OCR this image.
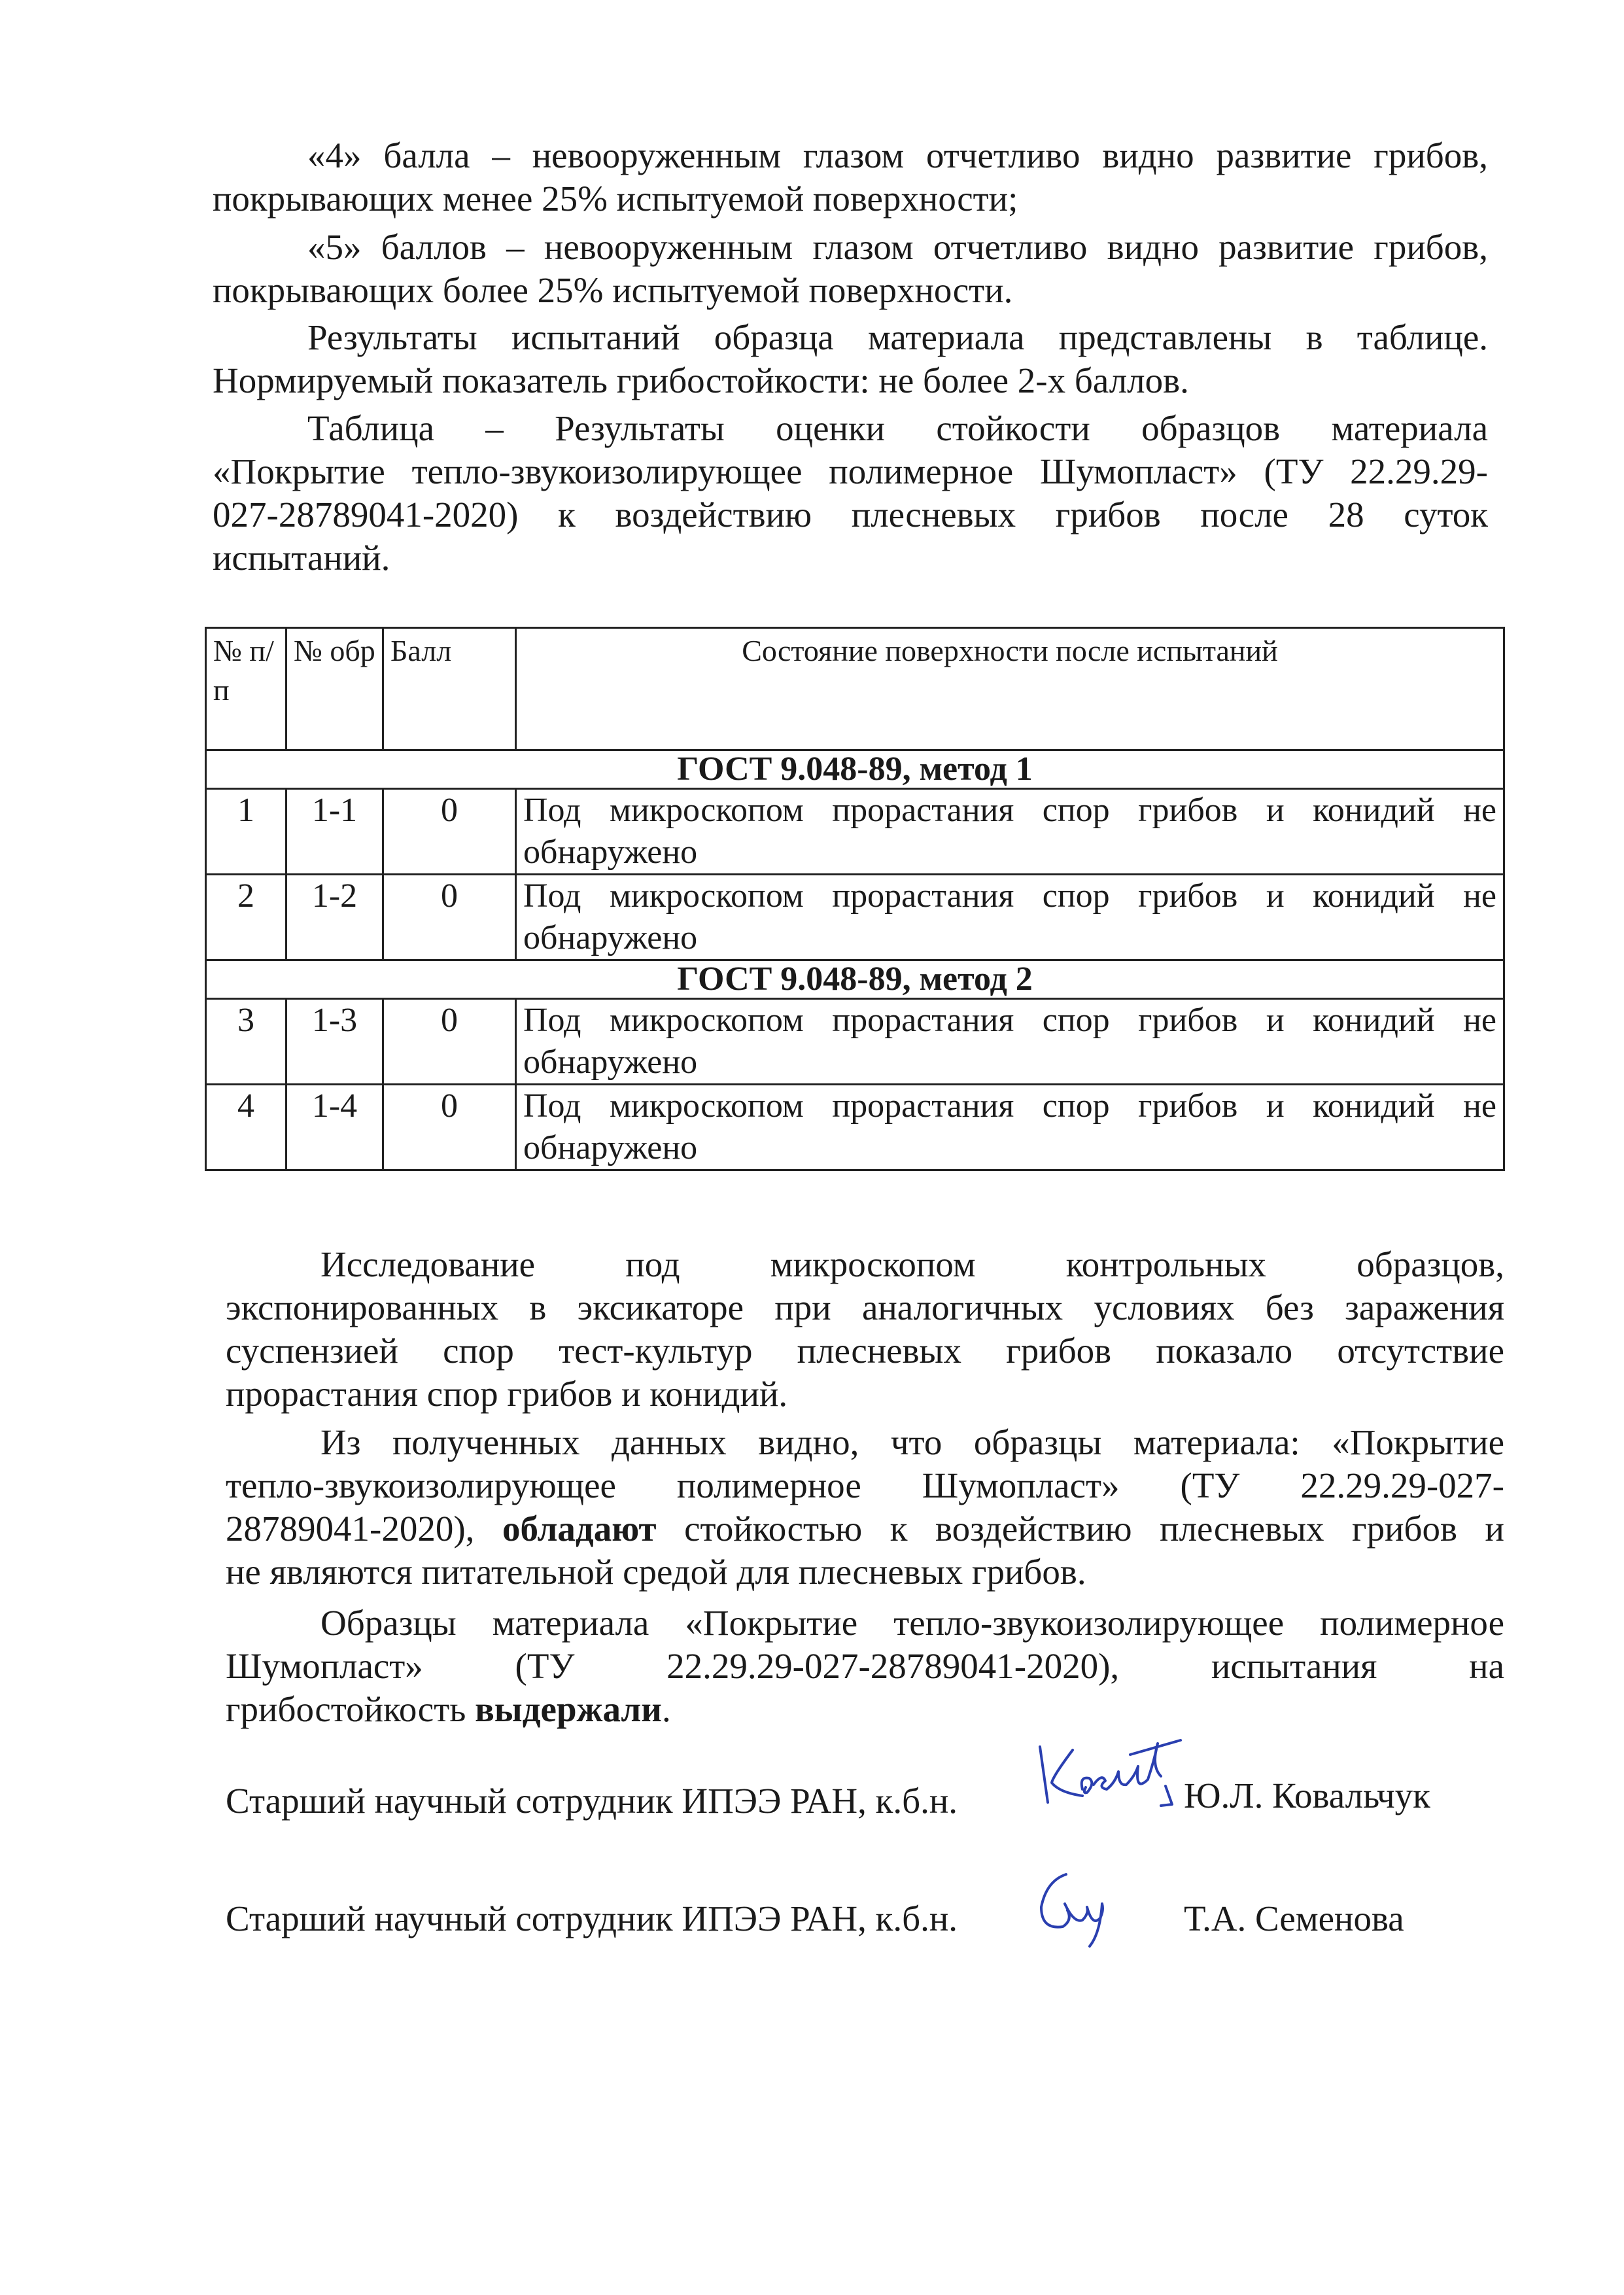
«4» балла – невооруженным глазом отчетливо видно развитие грибов,
покрывающих менее 25% испытуемой поверхности;
«5» баллов – невооруженным глазом отчетливо видно развитие грибов,
покрывающих более 25% испытуемой поверхности.
Результаты испытаний образца материала представлены в таблице.
Нормируемый показатель грибостойкости: не более 2-х баллов.
Таблица – Результаты оценки стойкости образцов материала
«Покрытие тепло-звукоизолирующее полимерное Шумопласт» (ТУ 22.29.29-
027-28789041-2020) к воздействию плесневых грибов после 28 суток
испытаний.
№ п/ п	№ обр	Балл	Состояние поверхности после испытаний
ГОСТ 9.048-89, метод 1			
1	1-1	0	Под микроскопом прорастания спор грибов и конидий не обнаружено
2	1-2	0	Под микроскопом прорастания спор грибов и конидий не обнаружено
ГОСТ 9.048-89, метод 2			
3	1-3	0	Под микроскопом прорастания спор грибов и конидий не обнаружено
4	1-4	0	Под микроскопом прорастания спор грибов и конидий не обнаружено
Исследование под микроскопом контрольных образцов,
экспонированных в эксикаторе при аналогичных условиях без заражения
суспензией спор тест-культур плесневых грибов показало отсутствие
прорастания спор грибов и конидий.
Из полученных данных видно, что образцы материала: «Покрытие
тепло-звукоизолирующее полимерное Шумопласт» (ТУ 22.29.29-027-
28789041-2020), обладают стойкостью к воздействию плесневых грибов и
не являются питательной средой для плесневых грибов.
Образцы материала «Покрытие тепло-звукоизолирующее полимерное
Шумопласт» (ТУ 22.29.29-027-28789041-2020), испытания на
грибостойкость выдержали.
Старший научный сотрудник ИПЭЭ РАН, к.б.н.	Ю.Л. Ковальчук
Старший научный сотрудник ИПЭЭ РАН, к.б.н.	Т.А. Семенова
